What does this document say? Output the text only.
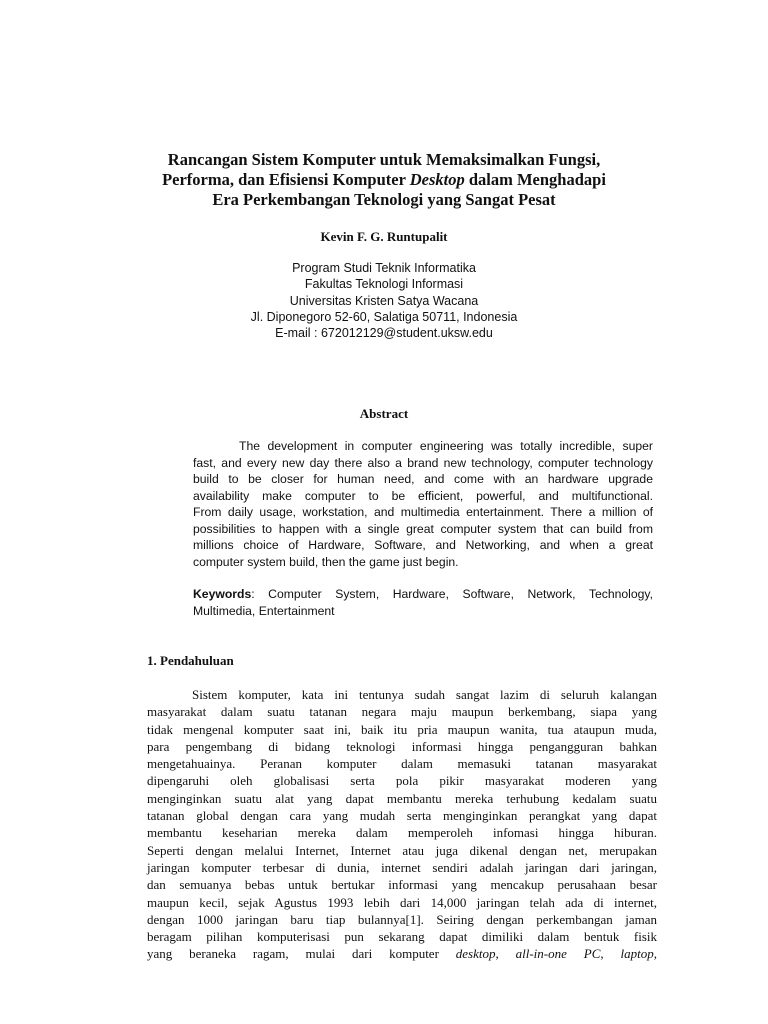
Rancangan Sistem Komputer untuk Memaksimalkan Fungsi,
Performa, dan Efisiensi Komputer Desktop dalam Menghadapi
Era Perkembangan Teknologi yang Sangat Pesat
Kevin F. G. Runtupalit
Program Studi Teknik Informatika
Fakultas Teknologi Informasi
Universitas Kristen Satya Wacana
Jl. Diponegoro 52-60, Salatiga 50711, Indonesia
E-mail : 672012129@student.uksw.edu
Abstract
The development in computer engineering was totally incredible, super
fast, and every new day there also a brand new technology, computer technology
build to be closer for human need, and come with an hardware upgrade
availability make computer to be efficient, powerful, and multifunctional.
From daily usage, workstation, and multimedia entertainment. There a million of
possibilities to happen with a single great computer system that can build from
millions choice of Hardware, Software, and Networking, and when a great
computer system build, then the game just begin.
Keywords: Computer System, Hardware, Software, Network, Technology,
Multimedia, Entertainment
1. Pendahuluan
Sistem komputer, kata ini tentunya sudah sangat lazim di seluruh kalangan
masyarakat dalam suatu tatanan negara maju maupun berkembang, siapa yang
tidak mengenal komputer saat ini, baik itu pria maupun wanita, tua ataupun muda,
para pengembang di bidang teknologi informasi hingga pengangguran bahkan
mengetahuainya. Peranan komputer dalam memasuki tatanan masyarakat
dipengaruhi oleh globalisasi serta pola pikir masyarakat moderen yang
menginginkan suatu alat yang dapat membantu mereka terhubung kedalam suatu
tatanan global dengan cara yang mudah serta menginginkan perangkat yang dapat
membantu keseharian mereka dalam memperoleh infomasi hingga hiburan.
Seperti dengan melalui Internet, Internet atau juga dikenal dengan net, merupakan
jaringan komputer terbesar di dunia, internet sendiri adalah jaringan dari jaringan,
dan semuanya bebas untuk bertukar informasi yang mencakup perusahaan besar
maupun kecil, sejak Agustus 1993 lebih dari 14,000 jaringan telah ada di internet,
dengan 1000 jaringan baru tiap bulannya[1]. Seiring dengan perkembangan jaman
beragam pilihan komputerisasi pun sekarang dapat dimiliki dalam bentuk fisik
yang beraneka ragam, mulai dari komputer desktop, all-in-one PC, laptop,
